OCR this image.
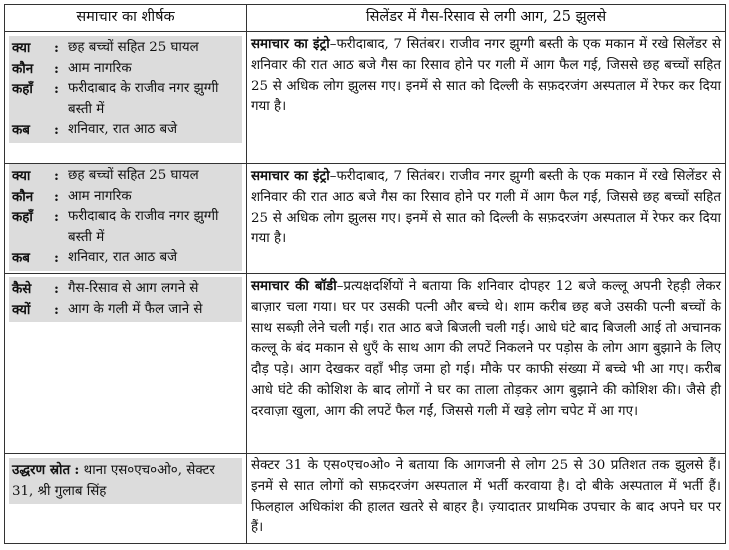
समाचार का शीर्षक	सिलेंडर में गैस-रिसाव से लगी आग, 25 झुलसे

क्या	: छह बच्चों सहित 25 घायल
कौन	: आम नागरिक
कहाँ	: फरीदाबाद के राजीव नगर झुग्गी बस्ती में
कब	: शनिवार, रात आठ बजे
	समाचार का इंट्रो–फरीदाबाद, 7 सितंबर। राजीव नगर झुग्गी बस्ती के एक मकान में रखे सिलेंडर से शनिवार की रात आठ बजे गैस का रिसाव होने पर गली में आग फैल गई, जिससे छह बच्चों सहित 25 से अधिक लोग झुलस गए। इनमें से सात को दिल्ली के सफ़दरजंग अस्पताल में रेफर कर दिया गया है।

क्या	: छह बच्चों सहित 25 घायल
कौन	: आम नागरिक
कहाँ	: फरीदाबाद के राजीव नगर झुग्गी बस्ती में
कब	: शनिवार, रात आठ बजे
	समाचार का इंट्रो–फरीदाबाद, 7 सितंबर। राजीव नगर झुग्गी बस्ती के एक मकान में रखे सिलेंडर से शनिवार की रात आठ बजे गैस का रिसाव होने पर गली में आग फैल गई, जिससे छह बच्चों सहित 25 से अधिक लोग झुलस गए। इनमें से सात को दिल्ली के सफ़दरजंग अस्पताल में रेफर कर दिया गया है।

कैसे	: गैस-रिसाव से आग लगने से
क्यों	: आग के गली में फैल जाने से
	समाचार की बॉडी–प्रत्यक्षदर्शियों ने बताया कि शनिवार दोपहर 12 बजे कल्लू अपनी रेहड़ी लेकर बाज़ार चला गया। घर पर उसकी पत्नी और बच्चे थे। शाम करीब छह बजे उसकी पत्नी बच्चों के साथ सब्ज़ी लेने चली गई। रात आठ बजे बिजली चली गई। आधे घंटे बाद बिजली आई तो अचानक कल्लू के बंद मकान से धुएँ के साथ आग की लपटें निकलने पर पड़ोस के लोग आग बुझाने के लिए दौड़ पड़े। आग देखकर वहाँ भीड़ जमा हो गई। मौके पर काफी संख्या में बच्चे भी आ गए। करीब आधे घंटे की कोशिश के बाद लोगों ने घर का ताला तोड़कर आग बुझाने की कोशिश की। जैसे ही दरवाज़ा खुला, आग की लपटें फैल गईं, जिससे गली में खड़े लोग चपेट में आ गए।

उद्धरण स्रोत : थाना एस०एच०ओ०, सेक्टर 31, श्री गुलाब सिंह	सेक्टर 31 के एस०एच०ओ० ने बताया कि आगजनी से लोग 25 से 30 प्रतिशत तक झुलसे हैं। इनमें से सात लोगों को सफ़दरजंग अस्पताल में भर्ती करवाया है। दो बीके अस्पताल में भर्ती हैं। फिलहाल अधिकांश की हालत खतरे से बाहर है। ज़्यादातर प्राथमिक उपचार के बाद अपने घर पर हैं।
